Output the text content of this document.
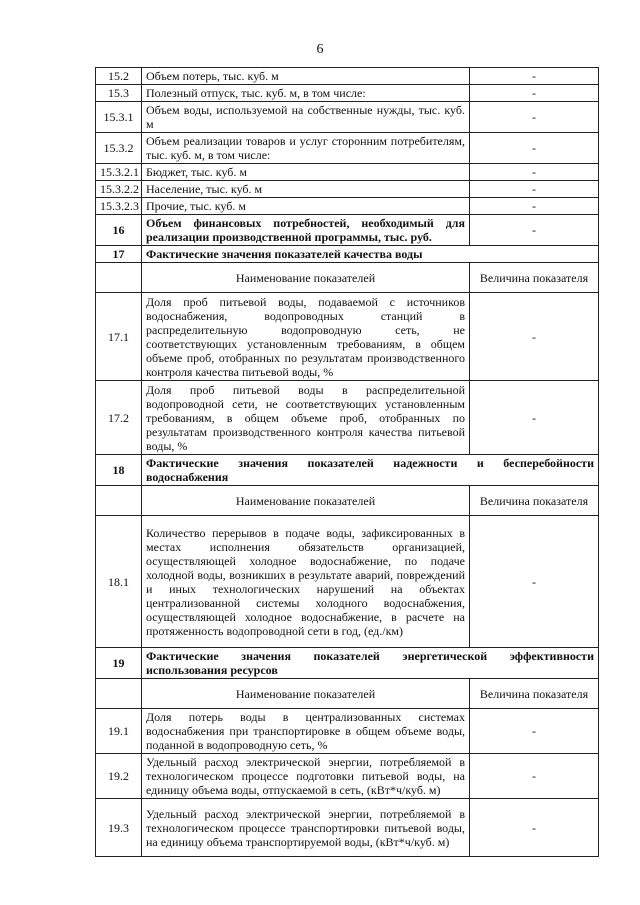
6
15.2	Объем потерь, тыс. куб. м	-
15.3	Полезный отпуск, тыс. куб. м, в том числе:	-
15.3.1	Объем воды, используемой на собственные нужды, тыс. куб. м	-
15.3.2	Объем реализации товаров и услуг сторонним потребителям, тыс. куб. м, в том числе:	-
15.3.2.1	Бюджет, тыс. куб. м	-
15.3.2.2	Население, тыс. куб. м	-
15.3.2.3	Прочие, тыс. куб. м	-
16	Объем финансовых потребностей, необходимый для реализации производственной программы, тыс. руб.	-
17	Фактические значения показателей качества воды	
	Наименование показателей	Величина показателя
17.1	Доля проб питьевой воды, подаваемой с источников водоснабжения, водопроводных станций в распределительную водопроводную сеть, не соответствующих установленным требованиям, в общем объеме проб, отобранных по результатам производственного контроля качества питьевой воды, %	-
17.2	Доля проб питьевой воды в распределительной водопроводной сети, не соответствующих установленным требованиям, в общем объеме проб, отобранных по результатам производственного контроля качества питьевой воды, %	-
18	Фактические значения показателей надежности и бесперебойности водоснабжения	
	Наименование показателей	Величина показателя
18.1	Количество перерывов в подаче воды, зафиксированных в местах исполнения обязательств организацией, осуществляющей холодное водоснабжение, по подаче холодной воды, возникших в результате аварий, повреждений и иных технологических нарушений на объектах централизованной системы холодного водоснабжения, осуществляющей холодное водоснабжение, в расчете на протяженность водопроводной сети в год, (ед./км)	-
19	Фактические значения показателей энергетической эффективности использования ресурсов	
	Наименование показателей	Величина показателя
19.1	Доля потерь воды в централизованных системах водоснабжения при транспортировке в общем объеме воды, поданной в водопроводную сеть, %	-
19.2	Удельный расход электрической энергии, потребляемой в технологическом процессе подготовки питьевой воды, на единицу объема воды, отпускаемой в сеть, (кВт*ч/куб. м)	-
19.3	Удельный расход электрической энергии, потребляемой в технологическом процессе транспортировки питьевой воды, на единицу объема транспортируемой воды, (кВт*ч/куб. м)	-
